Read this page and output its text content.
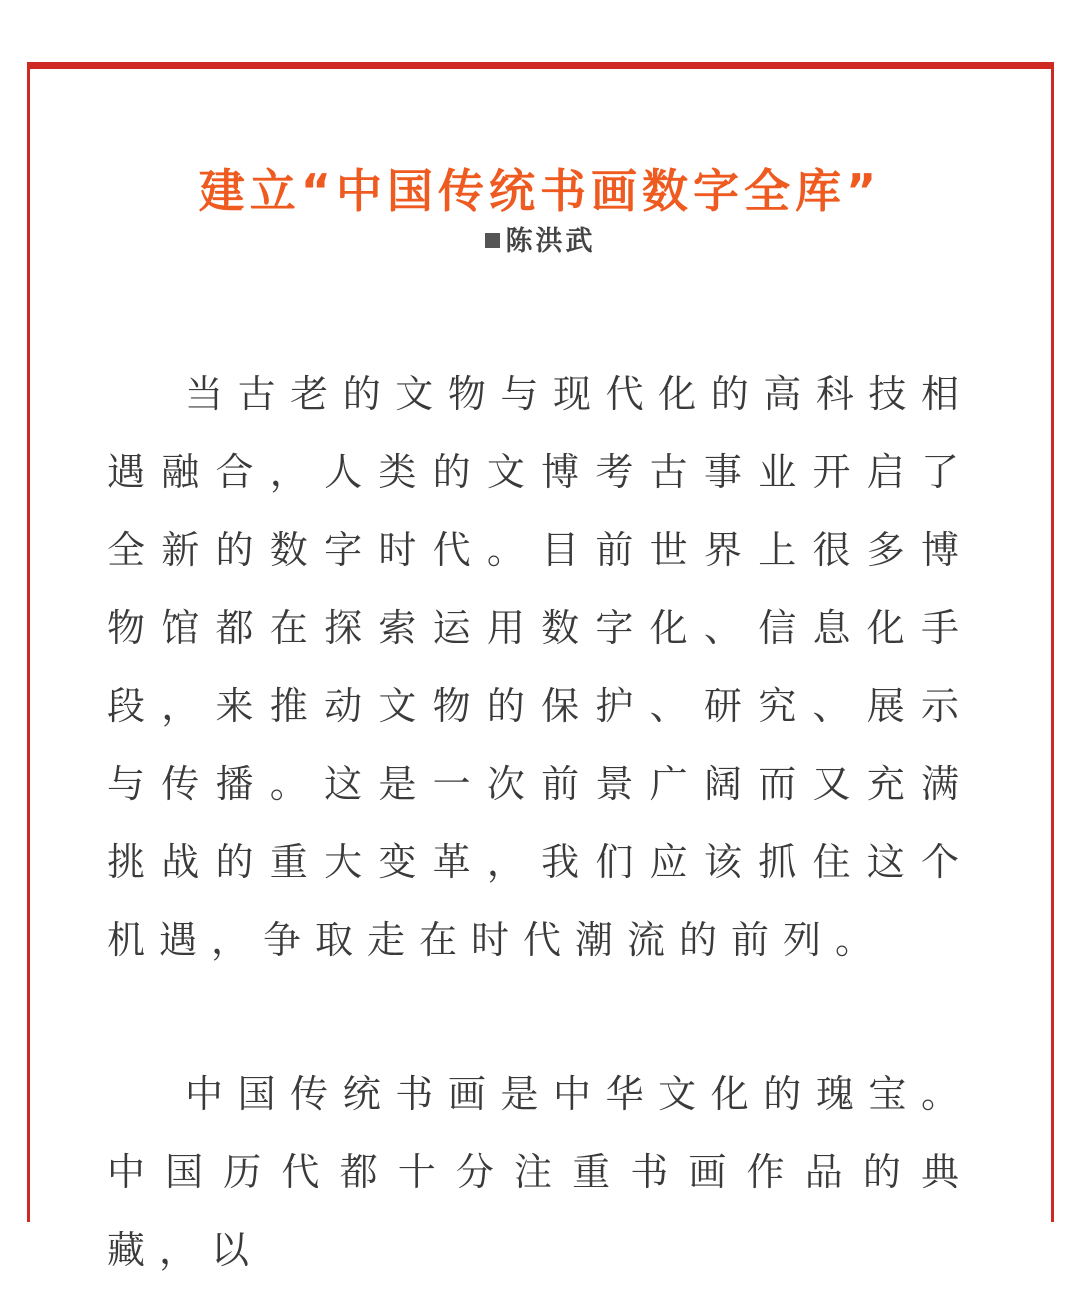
建立“中国传统书画数字全库”
陈洪武

当古老的文物与现代化的高科技相遇融合，人类的文博考古事业开启了全新的数字时代。目前世界上很多博物馆都在探索运用数字化、信息化手段，来推动文物的保护、研究、展示与传播。这是一次前景广阔而又充满挑战的重大变革，我们应该抓住这个机遇，争取走在时代潮流的前列。

中国传统书画是中华文化的瑰宝。中国历代都十分注重书画作品的典藏，以
